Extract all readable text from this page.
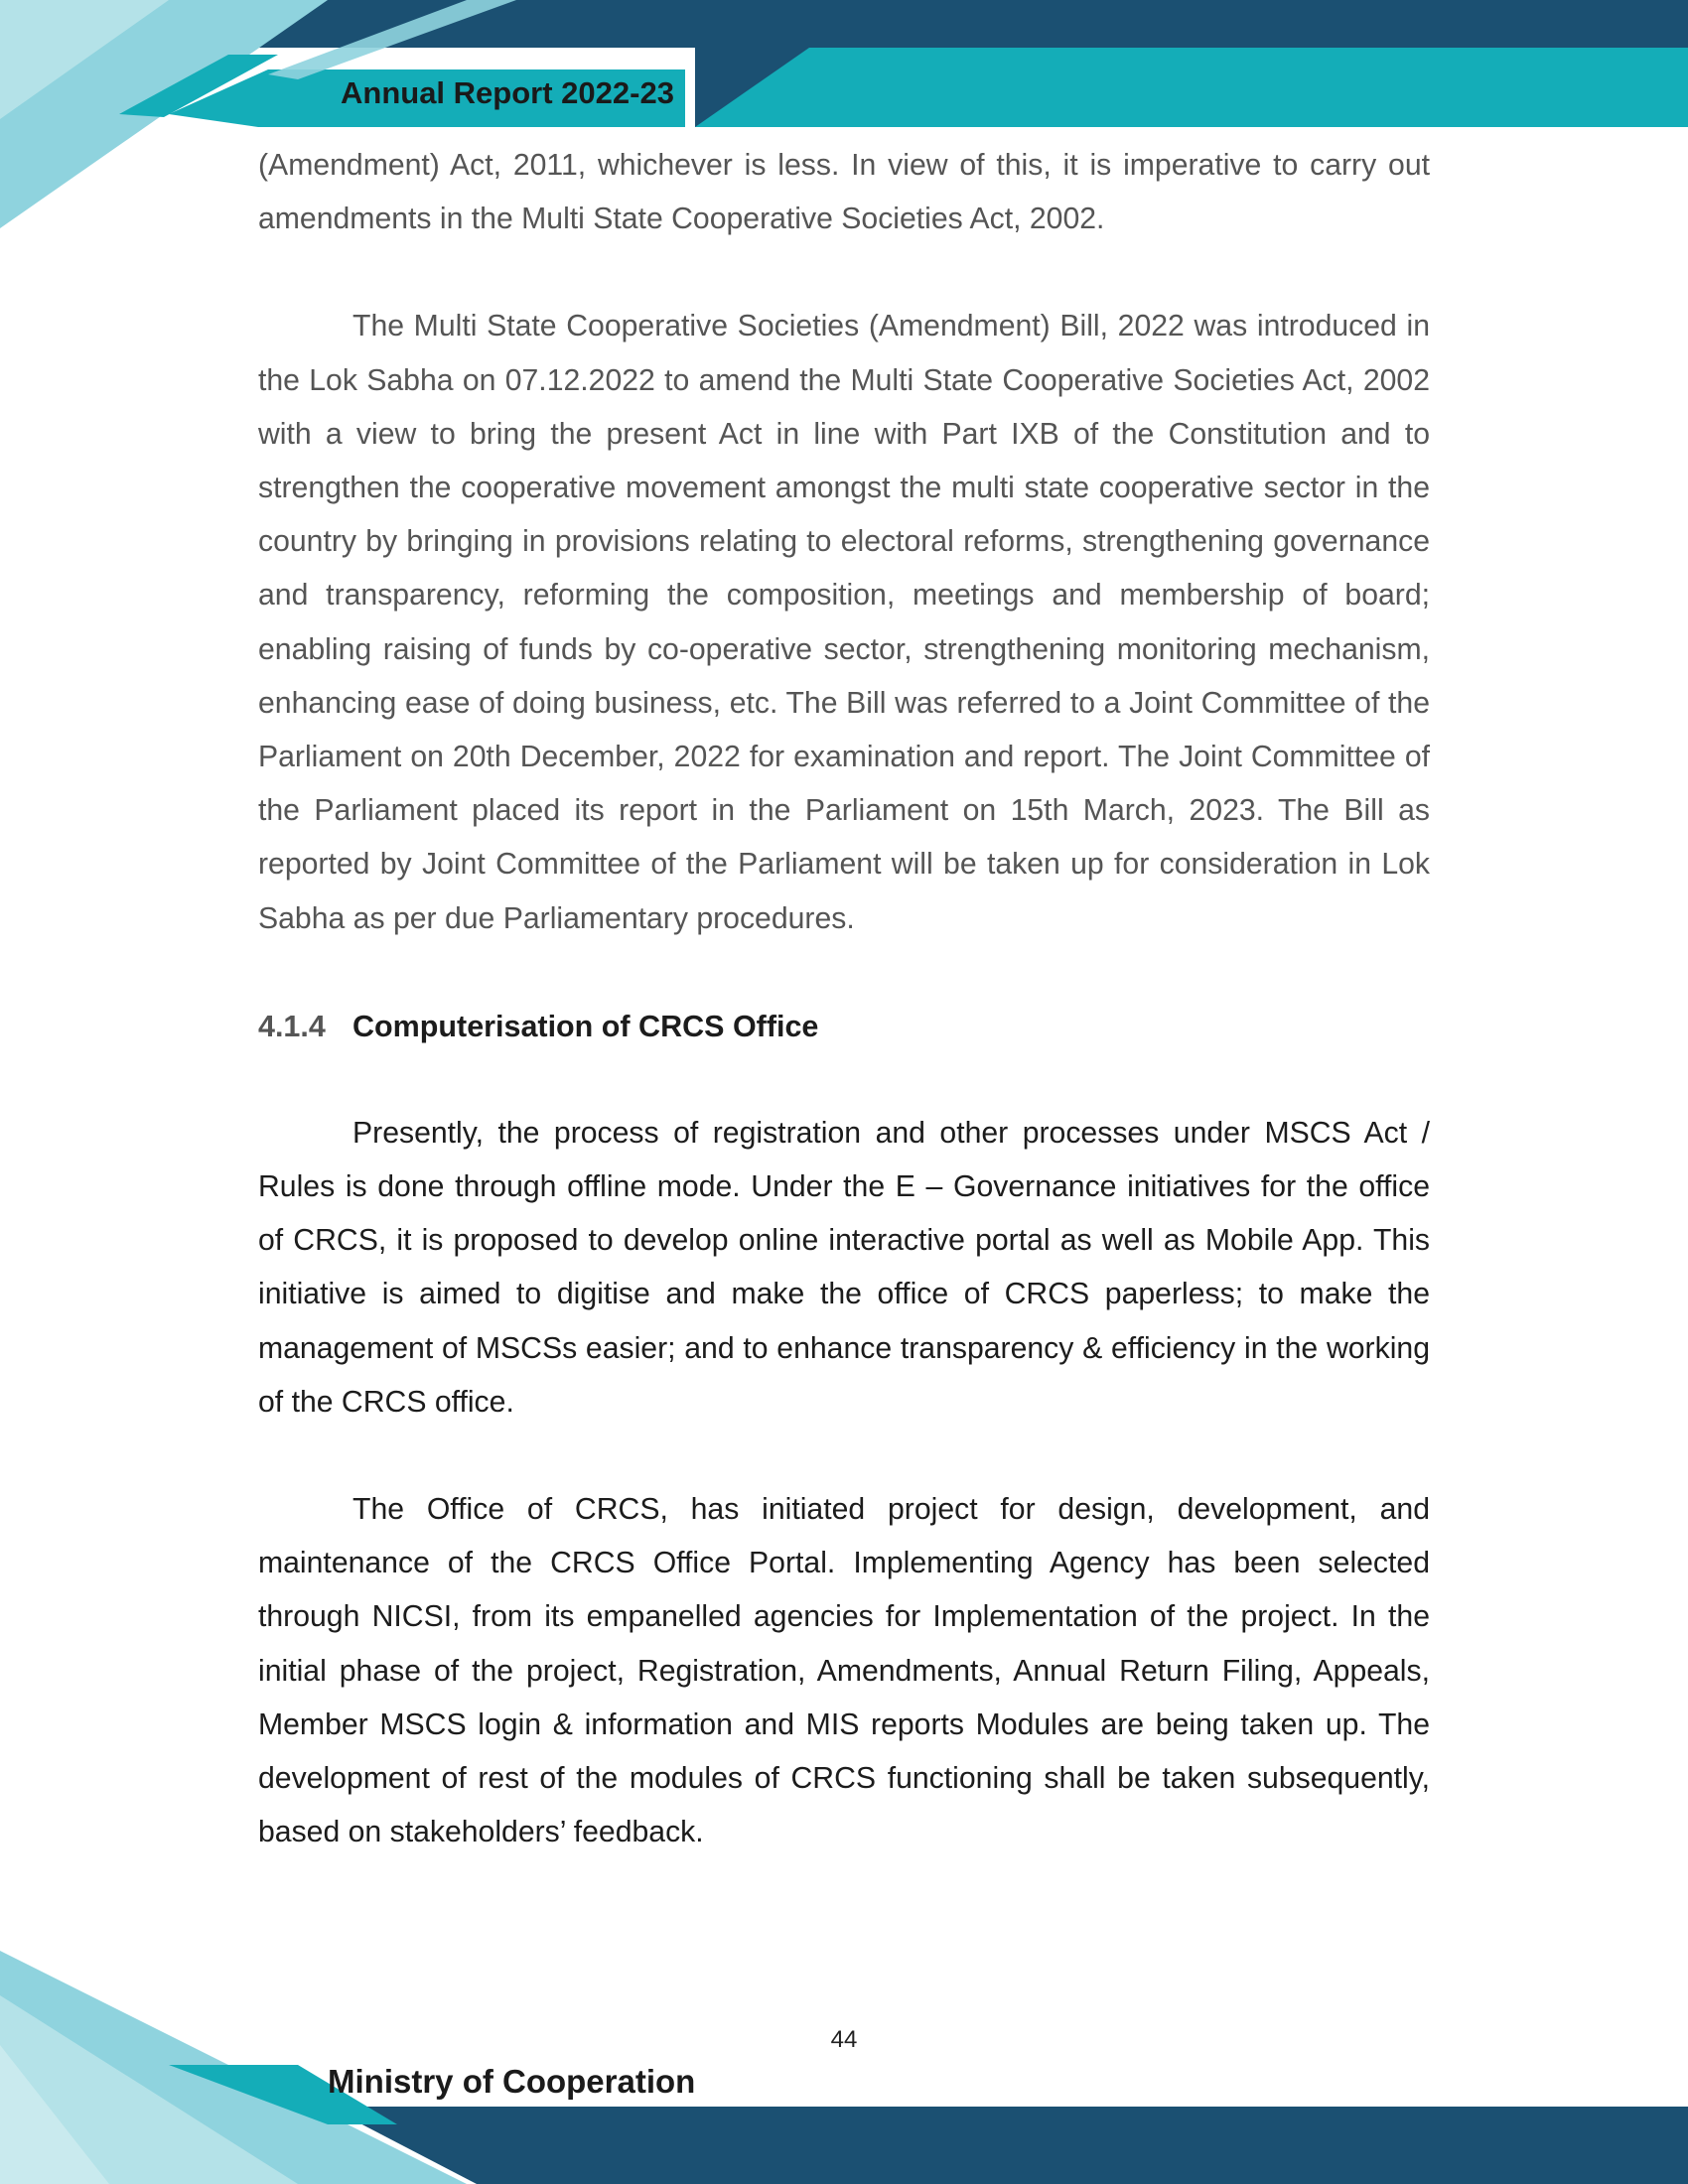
Annual Report 2022-23

(Amendment) Act, 2011, whichever is less. In view of this, it is imperative to carry out amendments in the Multi State Cooperative Societies Act, 2002.

The Multi State Cooperative Societies (Amendment) Bill, 2022 was introduced in the Lok Sabha on 07.12.2022 to amend the Multi State Cooperative Societies Act, 2002 with a view to bring the present Act in line with Part IXB of the Constitution and to strengthen the cooperative movement amongst the multi state cooperative sector in the country by bringing in provisions relating to electoral reforms, strengthening governance and transparency, reforming the composition, meetings and membership of board; enabling raising of funds by co-operative sector, strengthening monitoring mechanism, enhancing ease of doing business, etc. The Bill was referred to a Joint Committee of the Parliament on 20th December, 2022 for examination and report. The Joint Committee of the Parliament placed its report in the Parliament on 15th March, 2023. The Bill as reported by Joint Committee of the Parliament will be taken up for consideration in Lok Sabha as per due Parliamentary procedures.

4.1.4 Computerisation of CRCS Office

Presently, the process of registration and other processes under MSCS Act / Rules is done through offline mode. Under the E – Governance initiatives for the office of CRCS, it is proposed to develop online interactive portal as well as Mobile App. This initiative is aimed to digitise and make the office of CRCS paperless; to make the management of MSCSs easier; and to enhance transparency & efficiency in the working of the CRCS office.

The Office of CRCS, has initiated project for design, development, and maintenance of the CRCS Office Portal. Implementing Agency has been selected through NICSI, from its empanelled agencies for Implementation of the project. In the initial phase of the project, Registration, Amendments, Annual Return Filing, Appeals, Member MSCS login & information and MIS reports Modules are being taken up. The development of rest of the modules of CRCS functioning shall be taken subsequently, based on stakeholders’ feedback.

44
Ministry of Cooperation
